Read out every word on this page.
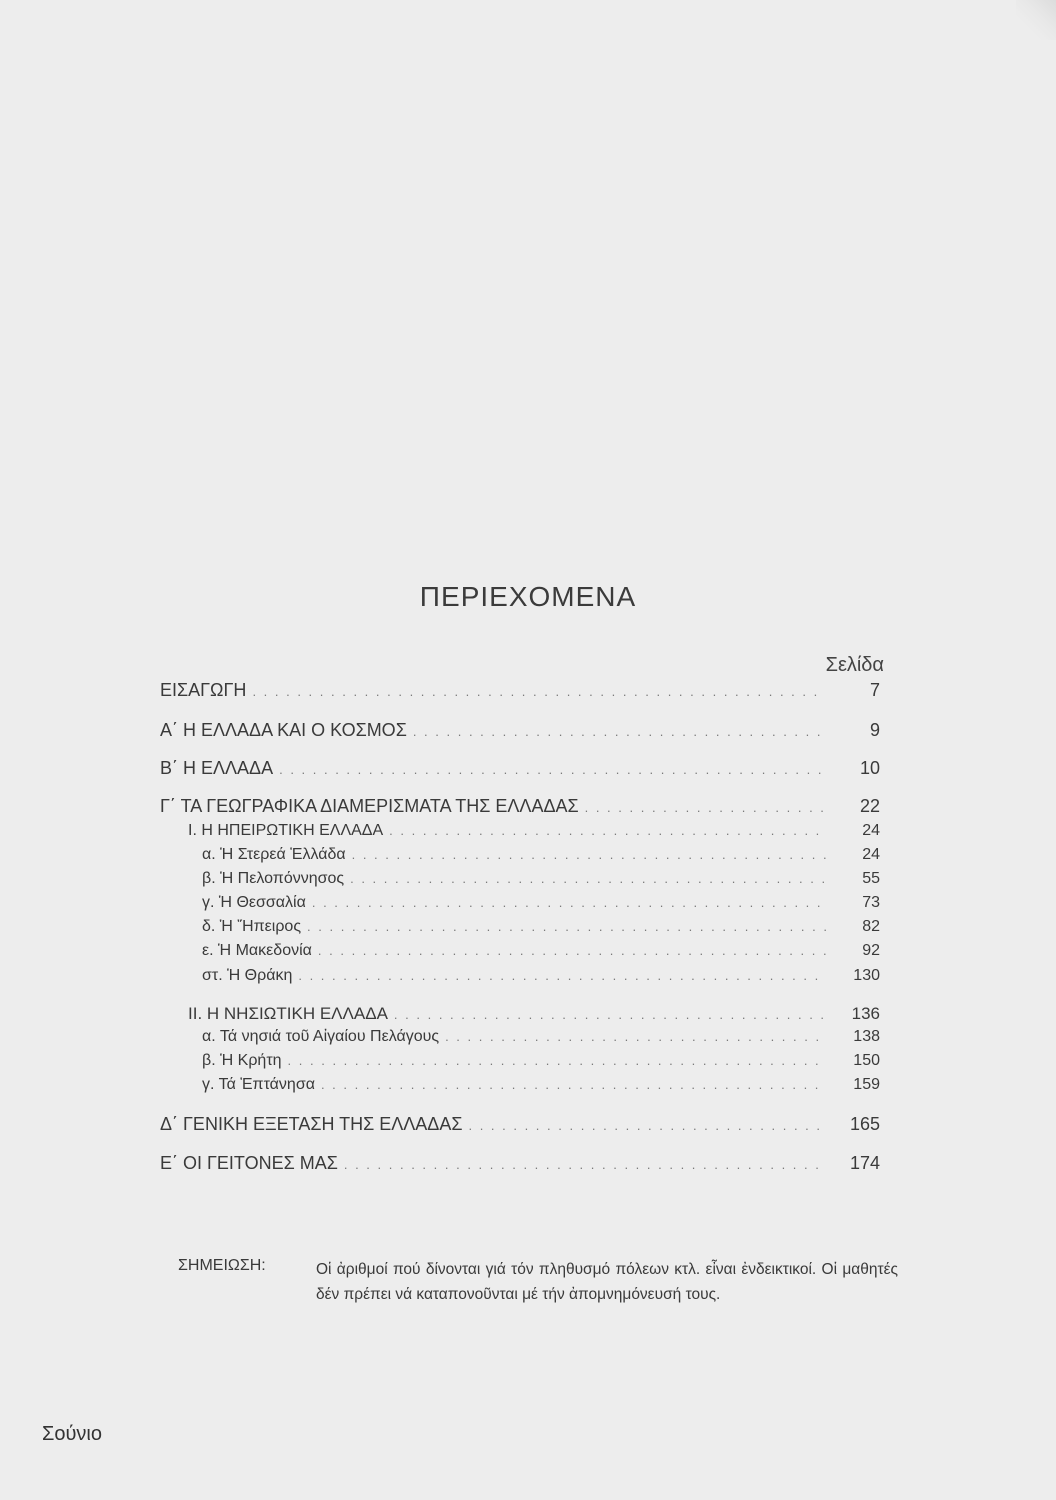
ΠΕΡΙΕΧΟΜΕΝΑ
Σελίδα
ΕΙΣΑΓΩΓΗ . . .	7
Α΄ Η ΕΛΛΑΔΑ ΚΑΙ Ο ΚΟΣΜΟΣ . . .	9
Β΄ Η ΕΛΛΑΔΑ . . .	10
Γ΄ ΤΑ ΓΕΩΓΡΑΦΙΚΑ ΔΙΑΜΕΡΙΣΜΑΤΑ ΤΗΣ ΕΛΛΑΔΑΣ . . .	22
Ι. Η ΗΠΕΙΡΩΤΙΚΗ ΕΛΛΑΔΑ . . .	24
α. Ἡ Στερεά Ἑλλάδα . . .	24
β. Ἡ Πελοπόννησος . . .	55
γ. Ἡ Θεσσαλία . . .	73
δ. Ἡ Ἤπειρος . . .	82
ε. Ἡ Μακεδονία . . .	92
στ. Ἡ Θράκη . . .	130
ΙΙ. Η ΝΗΣΙΩΤΙΚΗ ΕΛΛΑΔΑ . . .	136
α. Τά νησιά τοῦ Αἰγαίου Πελάγους . . .	138
β. Ἡ Κρήτη . . .	150
γ. Τά Ἑπτάνησα . . .	159
Δ΄ ΓΕΝΙΚΗ ΕΞΕΤΑΣΗ ΤΗΣ ΕΛΛΑΔΑΣ . . .	165
Ε΄ ΟΙ ΓΕΙΤΟΝΕΣ ΜΑΣ . . .	174
ΣΗΜΕΙΩΣΗ:	Οἱ ἀριθμοί πού δίνονται γιά τόν πληθυσμό πόλεων κτλ. εἶναι ἐνδεικτικοί. Οἱ μαθητές δέν πρέπει νά καταπονοῦνται μέ τήν ἀπομνημόνευσή τους.
Σούνιο
